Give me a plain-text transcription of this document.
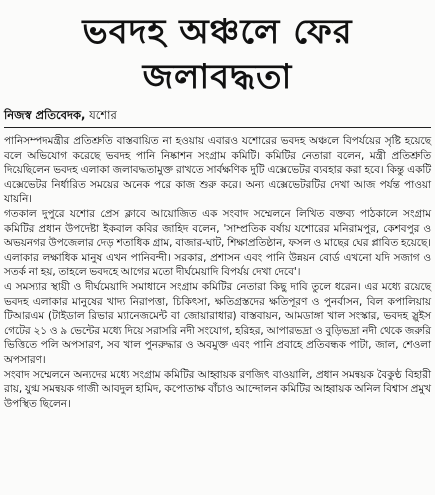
ভবদহ অঞ্চলে ফের
জলাবদ্ধতা
নিজস্ব প্রতিবেদক, যশোর

পানিসম্পদমন্ত্রীর প্রতিশ্রুতি বাস্তবায়িত না হওয়ায় এবারও যশোরের ভবদহ অঞ্চলে বিপর্যয়ের সৃষ্টি হয়েছে বলে অভিযোগ করেছে ভবদহ পানি নিষ্কাশন সংগ্রাম কমিটি। কমিটির নেতারা বলেন, মন্ত্রী প্রতিশ্রুতি দিয়েছিলেন ভবদহ এলাকা জলাবদ্ধতামুক্ত রাখতে সার্বক্ষণিক দুটি এক্সেভেটর ব্যবহার করা হবে। কিন্তু একটি এক্সেভেটর নির্ধারিত সময়ের অনেক পরে কাজ শুরু করে। অন্য এক্সেভেটরটির দেখা আজ পর্যন্ত পাওয়া যায়নি।

গতকাল দুপুরে যশোর প্রেস ক্লাবে আয়োজিত এক সংবাদ সম্মেলনে লিখিত বক্তব্য পাঠকালে সংগ্রাম কমিটির প্রধান উপদেষ্টা ইকবাল কবির জাহিদ বলেন, 'সাম্প্রতিক বর্ষায় যশোরের মনিরামপুর, কেশবপুর ও অভয়নগর উপজেলার দেড় শতাধিক গ্রাম, বাজার-ঘাট, শিক্ষাপ্রতিষ্ঠান, ফসল ও মাছের ঘের প্লাবিত হয়েছে। এলাকার লক্ষাধিক মানুষ এখন পানিবন্দী। সরকার, প্রশাসন এবং পানি উন্নয়ন বোর্ড এখনো যদি সজাগ ও সতর্ক না হয়, তাহলে ভবদহে আগের মতো দীর্ঘমেয়াদি বিপর্যয় দেখা দেবে'।

এ সমস্যার স্থায়ী ও দীর্ঘমেয়াদি সমাধানে সংগ্রাম কমিটির নেতারা কিছু দাবি তুলে ধরেন। এর মধ্যে রয়েছে ভবদহ এলাকার মানুষের খাদ্য নিরাপত্তা, চিকিৎসা, ক্ষতিগ্রস্তদের ক্ষতিপূরণ ও পুনর্বাসন, বিল কপালিয়ায় টিআরএম (টাইডাল রিভার ম্যানেজমেন্ট বা জোয়ারাধার) বাস্তবায়ন, আমডাঙ্গা খাল সংস্কার, ভবদহ স্লুইস গেটের ২১ ও ৯ ভেন্টের মধ্যে দিয়ে সরাসরি নদী সংযোগ, হরিহর, আপারভদ্রা ও বুড়িভদ্রা নদী থেকে জরুরি ভিত্তিতে পলি অপসারণ, সব খাল পুনরুদ্ধার ও অবমুক্ত এবং পানি প্রবাহে প্রতিবন্ধক পাটা, জাল, শেওলা অপসারণ।

সংবাদ সম্মেলনে অন্যদের মধ্যে সংগ্রাম কমিটির আহ্বায়ক রণজিৎ বাওয়ালি, প্রধান সমন্বয়ক বৈকুণ্ঠ বিহারী রায়, যুগ্ম সমন্বয়ক গাজী আবদুল হামিদ, কপোতাক্ষ বাঁচাও আন্দোলন কমিটির আহ্বায়ক অনিল বিশ্বাস প্রমুখ উপস্থিত ছিলেন।
